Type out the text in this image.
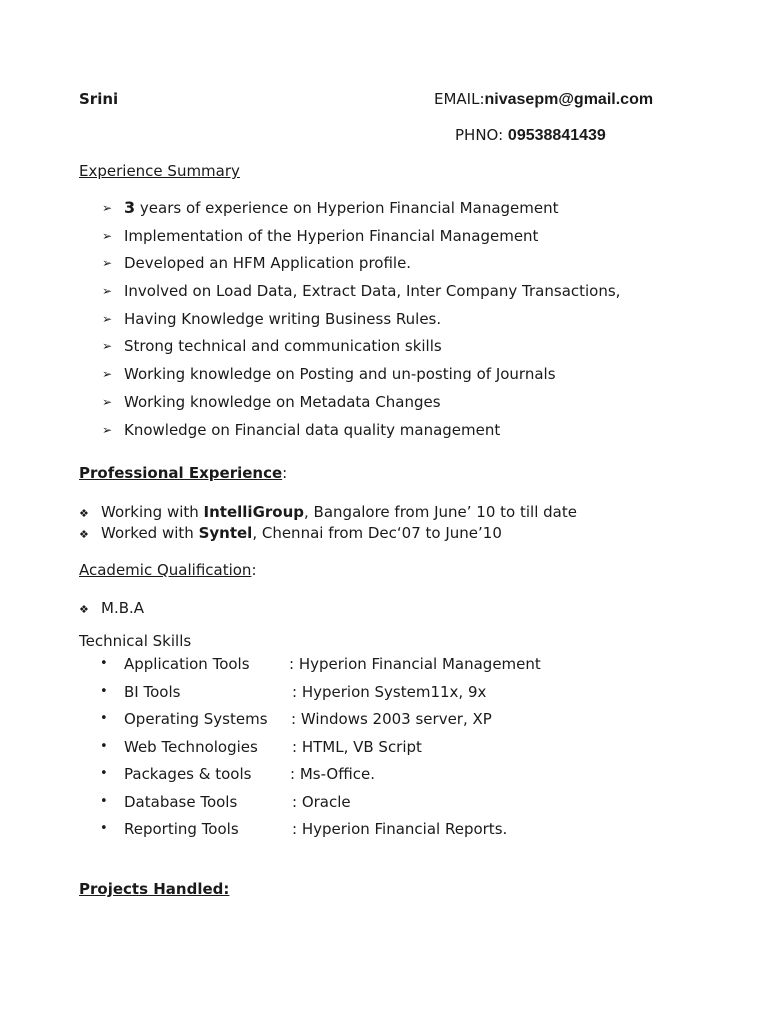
Srini	EMAIL:nivasepm@gmail.com
PHNO: 09538841439
Experience Summary
➢ 3 years of experience on Hyperion Financial Management
➢ Implementation of the Hyperion Financial Management
➢ Developed an HFM Application profile.
➢ Involved on Load Data, Extract Data, Inter Company Transactions,
➢ Having Knowledge writing Business Rules.
➢ Strong technical and communication skills
➢ Working knowledge on Posting and un-posting of Journals
➢ Working knowledge on Metadata Changes
➢ Knowledge on Financial data quality management
Professional Experience:
❖ Working with IntelliGroup, Bangalore from June’ 10 to till date
❖ Worked with Syntel, Chennai from Dec‘07 to June’10
Academic Qualification:
❖ M.B.A
Technical Skills
• Application Tools	: Hyperion Financial Management
• BI Tools	: Hyperion System11x, 9x
• Operating Systems : Windows 2003 server, XP
• Web Technologies : HTML, VB Script
• Packages & tools	: Ms-Office.
• Database Tools	: Oracle
• Reporting Tools	: Hyperion Financial Reports.
Projects Handled:
